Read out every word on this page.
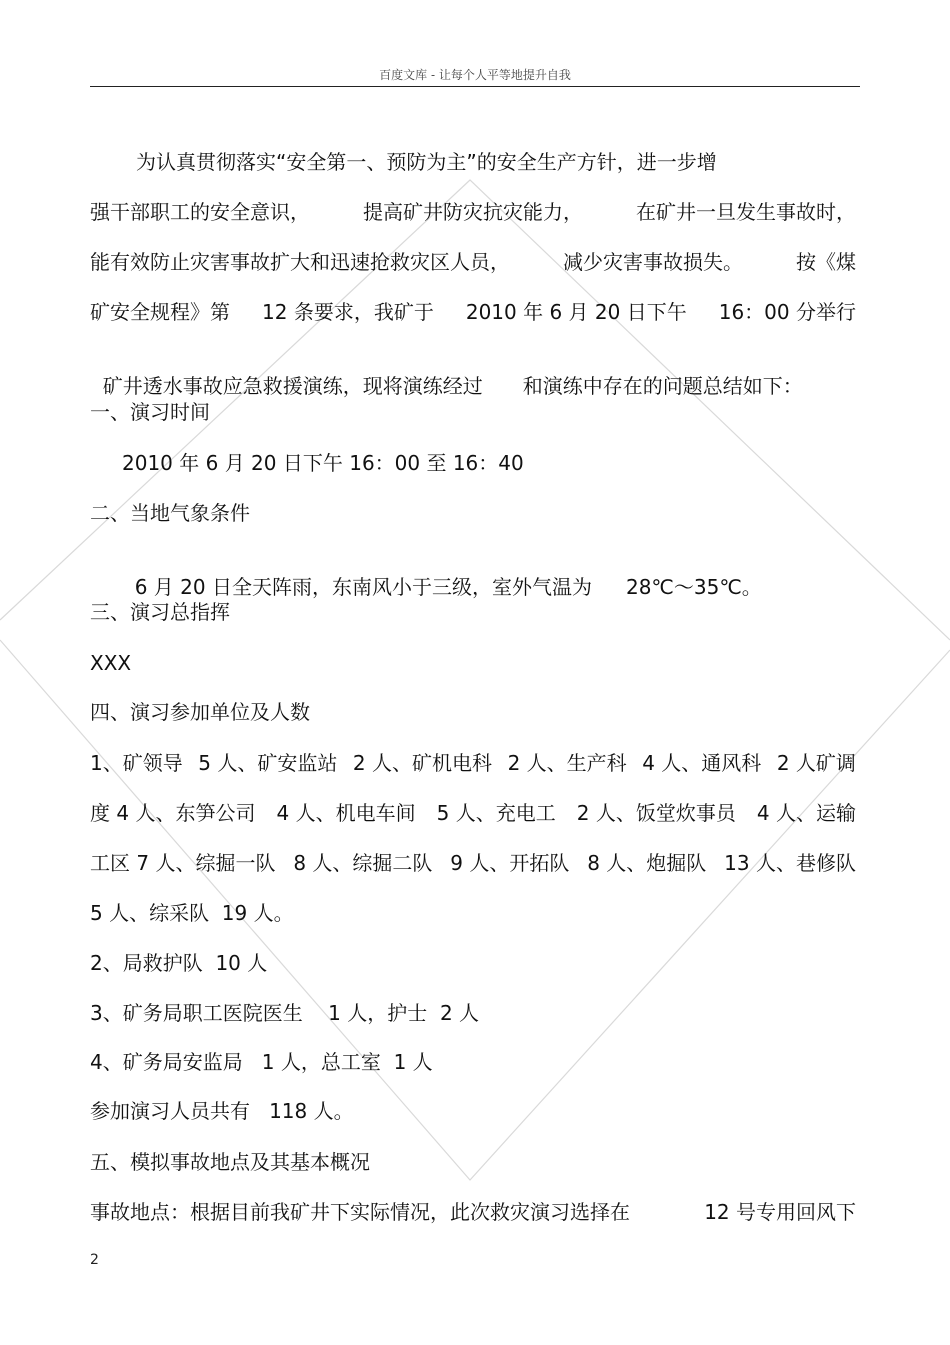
百度文库 - 让每个人平等地提升自我
为认真贯彻落实“安全第一、预防为主”的安全生产方针，进一步增
强干部职工的安全意识，	提高矿井防灾抗灾能力，	在矿井一旦发生事故时，
能有效防止灾害事故扩大和迅速抢救灾区人员，	减少灾害事故损失。	按《煤
矿安全规程》第 12 条要求，我矿于 2010 年 6 月 20 日下午 16：00 分举行

矿井透水事故应急救援演练，现将演练经过 和演练中存在的问题总结如下：

一、演习时间
2010 年 6 月 20 日下午 16：00 至 16：40
二、当地气象条件

6 月 20 日全天阵雨，东南风小于三级，室外气温为 28℃～35℃。

三、演习总指挥
XXX
四、演习参加单位及人数
1、矿领导 5 人、矿安监站 2 人、矿机电科 2 人、生产科 4 人、通风科 2 人矿调
度 4 人、东笋公司 4 人、机电车间 5 人、充电工 2 人、饭堂炊事员 4 人、运输
工区 7 人、综掘一队 8 人、综掘二队 9 人、开拓队 8 人、炮掘队 13 人、巷修队
5 人、综采队  19 人。
2、局救护队  10 人
3、矿务局职工医院医生    1 人，护士  2 人
4、矿务局安监局   1 人，总工室  1 人
参加演习人员共有   118 人。
五、模拟事故地点及其基本概况
事故地点：根据目前我矿井下实际情况，此次救灾演习选择在	12 号专用回风下
2
